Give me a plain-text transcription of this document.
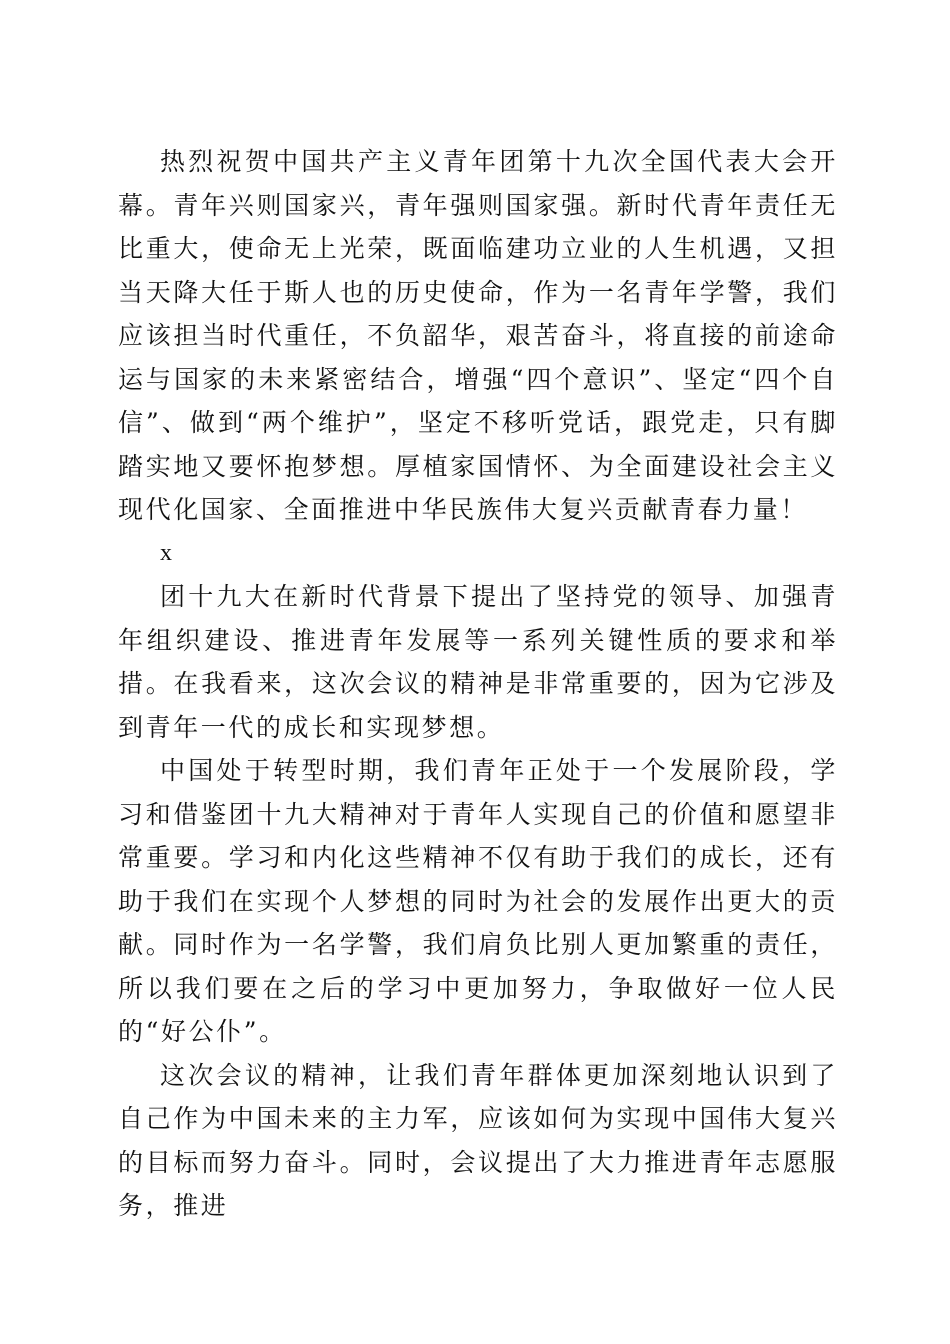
热烈祝贺中国共产主义青年团第十九次全国代表大会开幕。青年兴则国家兴，青年强则国家强。新时代青年责任无比重大，使命无上光荣，既面临建功立业的人生机遇，又担当天降大任于斯人也的历史使命，作为一名青年学警，我们应该担当时代重任，不负韶华，艰苦奋斗，将直接的前途命运与国家的未来紧密结合，增强“四个意识”、坚定“四个自信”、做到“两个维护”，坚定不移听党话，跟党走，只有脚踏实地又要怀抱梦想。厚植家国情怀、为全面建设社会主义现代化国家、全面推进中华民族伟大复兴贡献青春力量！

x

团十九大在新时代背景下提出了坚持党的领导、加强青年组织建设、推进青年发展等一系列关键性质的要求和举措。在我看来，这次会议的精神是非常重要的，因为它涉及到青年一代的成长和实现梦想。

中国处于转型时期，我们青年正处于一个发展阶段，学习和借鉴团十九大精神对于青年人实现自己的价值和愿望非常重要。学习和内化这些精神不仅有助于我们的成长，还有助于我们在实现个人梦想的同时为社会的发展作出更大的贡献。同时作为一名学警，我们肩负比别人更加繁重的责任，所以我们要在之后的学习中更加努力，争取做好一位人民的“好公仆”。

这次会议的精神，让我们青年群体更加深刻地认识到了自己作为中国未来的主力军，应该如何为实现中国伟大复兴的目标而努力奋斗。同时，会议提出了大力推进青年志愿服务，推进
